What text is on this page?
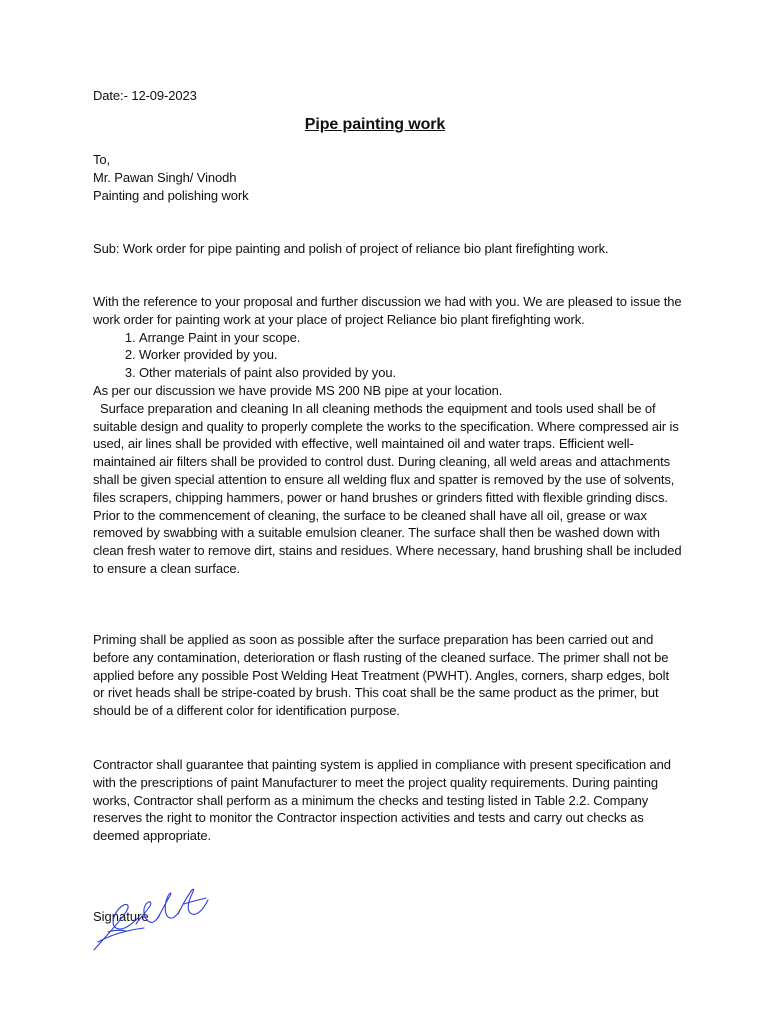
Date:- 12-09-2023
Pipe painting work
To,
Mr. Pawan Singh/ Vinodh
Painting and polishing work
Sub: Work order for pipe painting and polish of project of reliance bio plant firefighting work.

With the reference to your proposal and further discussion we had with you. We are pleased to issue the work order for painting work at your place of project Reliance bio plant firefighting work.

1. Arrange Paint in your scope.
2. Worker provided by you.
3. Other materials of paint also provided by you.

As per our discussion we have provide MS 200 NB pipe at your location.

Surface preparation and cleaning In all cleaning methods the equipment and tools used shall be of suitable design and quality to properly complete the works to the specification. Where compressed air is used, air lines shall be provided with effective, well maintained oil and water traps. Efficient well-maintained air filters shall be provided to control dust. During cleaning, all weld areas and attachments shall be given special attention to ensure all welding flux and spatter is removed by the use of solvents, files scrapers, chipping hammers, power or hand brushes or grinders fitted with flexible grinding discs. Prior to the commencement of cleaning, the surface to be cleaned shall have all oil, grease or wax removed by swabbing with a suitable emulsion cleaner. The surface shall then be washed down with clean fresh water to remove dirt, stains and residues. Where necessary, hand brushing shall be included to ensure a clean surface.

Priming shall be applied as soon as possible after the surface preparation has been carried out and before any contamination, deterioration or flash rusting of the cleaned surface. The primer shall not be applied before any possible Post Welding Heat Treatment (PWHT). Angles, corners, sharp edges, bolt or rivet heads shall be stripe-coated by brush. This coat shall be the same product as the primer, but should be of a different color for identification purpose.
Contractor shall guarantee that painting system is applied in compliance with present specification and with the prescriptions of paint Manufacturer to meet the project quality requirements. During painting works, Contractor shall perform as a minimum the checks and testing listed in Table 2.2. Company reserves the right to monitor the Contractor inspection activities and tests and carry out checks as deemed appropriate.
Signature
